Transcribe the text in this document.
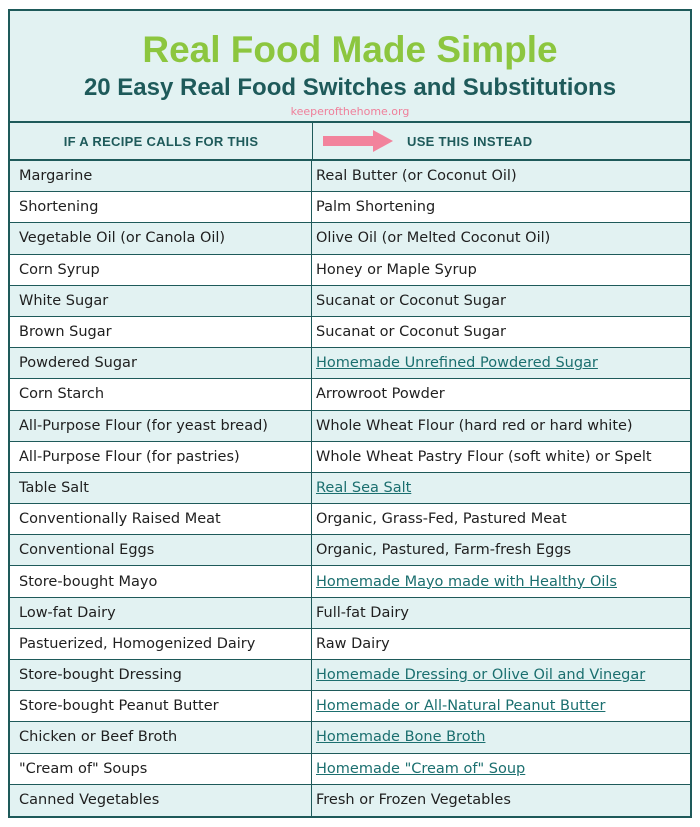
Real Food Made Simple
20 Easy Real Food Switches and Substitutions
keeperofthehome.org
IF A RECIPE CALLS FOR THIS	USE THIS INSTEAD
Margarine	Real Butter (or Coconut Oil)
Shortening	Palm Shortening
Vegetable Oil (or Canola Oil)	Olive Oil (or Melted Coconut Oil)
Corn Syrup	Honey or Maple Syrup
White Sugar	Sucanat or Coconut Sugar
Brown Sugar	Sucanat or Coconut Sugar
Powdered Sugar	Homemade Unrefined Powdered Sugar
Corn Starch	Arrowroot Powder
All-Purpose Flour (for yeast bread)	Whole Wheat Flour (hard red or hard white)
All-Purpose Flour (for pastries)	Whole Wheat Pastry Flour (soft white) or Spelt
Table Salt	Real Sea Salt
Conventionally Raised Meat	Organic, Grass-Fed, Pastured Meat
Conventional Eggs	Organic, Pastured, Farm-fresh Eggs
Store-bought Mayo	Homemade Mayo made with Healthy Oils
Low-fat Dairy	Full-fat Dairy
Pastuerized, Homogenized Dairy	Raw Dairy
Store-bought Dressing	Homemade Dressing or Olive Oil and Vinegar
Store-bought Peanut Butter	Homemade or All-Natural Peanut Butter
Chicken or Beef Broth	Homemade Bone Broth
"Cream of" Soups	Homemade "Cream of" Soup
Canned Vegetables	Fresh or Frozen Vegetables
